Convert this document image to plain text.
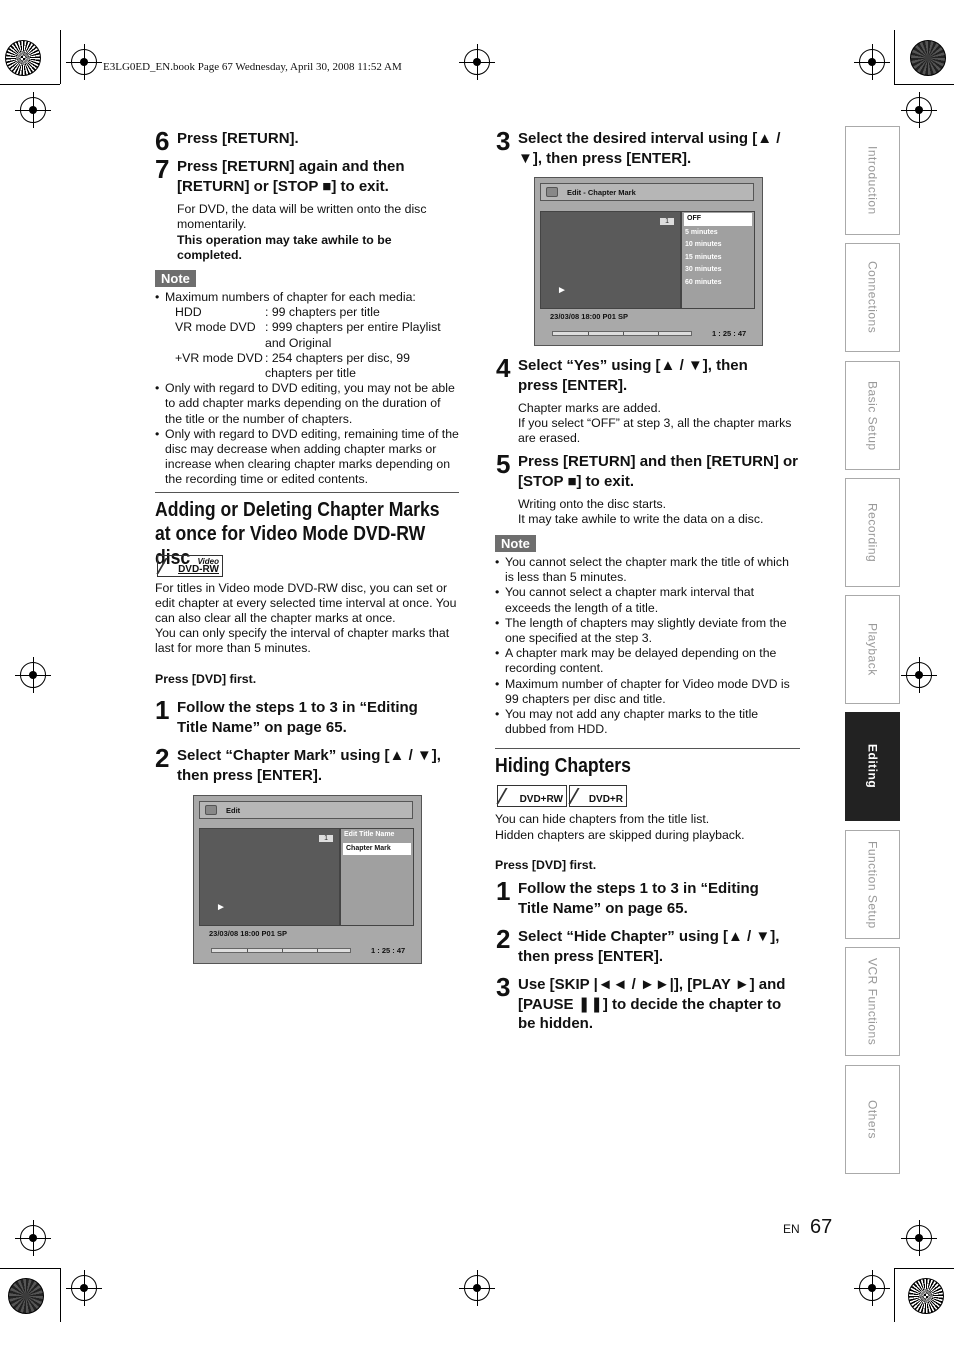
E3LG0ED_EN.book Page 67 Wednesday, April 30, 2008 11:52 AM
6 Press [RETURN].
7 Press [RETURN] again and then [RETURN] or [STOP ■] to exit.
For DVD, the data will be written onto the disc momentarily.
This operation may take awhile to be completed.
Note
• Maximum numbers of chapter for each media:
HDD	: 99 chapters per title
VR mode DVD : 999 chapters per entire Playlist and Original
+VR mode DVD : 254 chapters per disc, 99 chapters per title
• Only with regard to DVD editing, you may not be able to add chapter marks depending on the duration of the title or the number of chapters.
• Only with regard to DVD editing, remaining time of the disc may decrease when adding chapter marks or increase when clearing chapter marks depending on the recording time or edited contents.
Adding or Deleting Chapter Marks at once for Video Mode DVD-RW disc Video
DVD-RW
For titles in Video mode DVD-RW disc, you can set or edit chapter at every selected time interval at once. You can also clear all the chapter marks at once.
You can only specify the interval of chapter marks that last for more than 5 minutes.
Press [DVD] first.
1 Follow the steps 1 to 3 in “Editing Title Name” on page 65.
2 Select “Chapter Mark” using [▲ / ▼], then press [ENTER].
Edit
1
►
Edit Title Name
Chapter Mark
23/03/08 18:00 P01 SP
1 : 25 : 47
3 Select the desired interval using [▲ / ▼], then press [ENTER].
Edit - Chapter Mark
1
►
OFF
5 minutes
10 minutes
15 minutes
30 minutes
60 minutes
23/03/08 18:00 P01 SP
1 : 25 : 47
4 Select “Yes” using [▲ / ▼], then press [ENTER].
Chapter marks are added.
If you select “OFF” at step 3, all the chapter marks are erased.
5 Press [RETURN] and then [RETURN] or [STOP ■] to exit.
Writing onto the disc starts.
It may take awhile to write the data on a disc.
Note
• You cannot select the chapter mark the title of which is less than 5 minutes.
• You cannot select a chapter mark interval that exceeds the length of a title.
• The length of chapters may slightly deviate from the one specified at the step 3.
• A chapter mark may be delayed depending on the recording content.
• Maximum number of chapter for Video mode DVD is 99 chapters per disc and title.
• You may not add any chapter marks to the title dubbed from HDD.
Hiding Chapters
DVD+RW	DVD+R
You can hide chapters from the title list.
Hidden chapters are skipped during playback.
Press [DVD] first.
1 Follow the steps 1 to 3 in “Editing Title Name” on page 65.
2 Select “Hide Chapter” using [▲ / ▼], then press [ENTER].
3 Use [SKIP |◄◄ / ►►|], [PLAY ►] and [PAUSE ❚❚] to decide the chapter to be hidden.
Introduction
Connections
Basic Setup
Recording
Playback
Editing
Function Setup
VCR Functions
Others
EN 67
